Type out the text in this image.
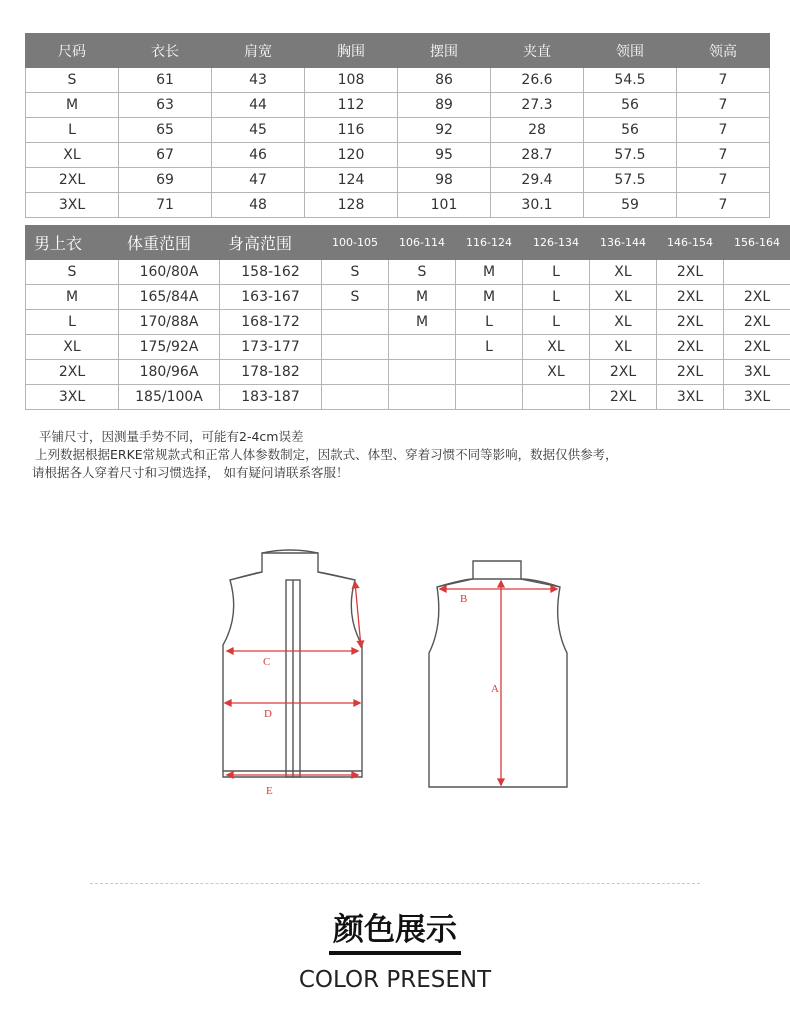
尺码	衣长	肩宽	胸围	摆围	夹直	领围	领高
S	61	43	108	86	26.6	54.5	7
M	63	44	112	89	27.3	56	7
L	65	45	116	92	28	56	7
XL	67	46	120	95	28.7	57.5	7
2XL	69	47	124	98	29.4	57.5	7
3XL	71	48	128	101	30.1	59	7
男上衣	体重范围	身高范围	100-105	106-114	116-124	126-134	136-144	146-154	156-164
S	160/80A	158-162	S	S	M	L	XL	2XL	
M	165/84A	163-167	S	M	M	L	XL	2XL	2XL
L	170/88A	168-172		M	L	L	XL	2XL	2XL
XL	175/92A	173-177			L	XL	XL	2XL	2XL
2XL	180/96A	178-182				XL	2XL	2XL	3XL
3XL	185/100A	183-187					2XL	3XL	3XL
平铺尺寸，因测量手势不同，可能有2-4cm误差
上列数据根据ERKE常规款式和正常人体参数制定，因款式、体型、穿着习惯不同等影响，数据仅供参考，
请根据各人穿着尺寸和习惯选择， 如有疑问请联系客服！
C
D
E
B
A
颜色展示
COLOR PRESENT
